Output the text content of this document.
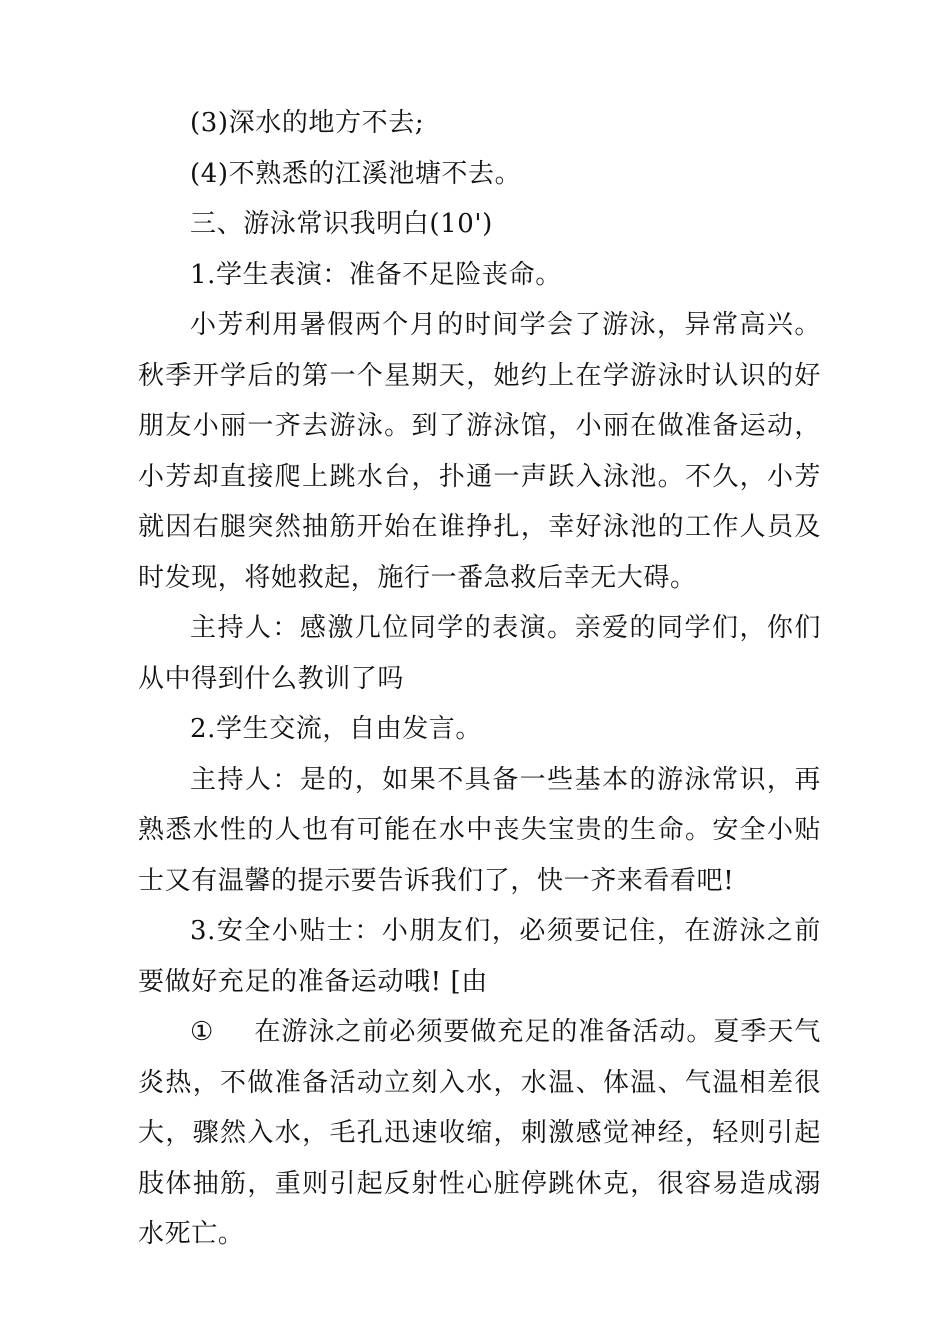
(3)深水的地方不去;

(4)不熟悉的江溪池塘不去。

三、游泳常识我明白(10')

1.学生表演：准备不足险丧命。

小芳利用暑假两个月的时间学会了游泳，异常高兴。秋季开学后的第一个星期天，她约上在学游泳时认识的好朋友小丽一齐去游泳。到了游泳馆，小丽在做准备运动，小芳却直接爬上跳水台，扑通一声跃入泳池。不久，小芳就因右腿突然抽筋开始在谁挣扎，幸好泳池的工作人员及时发现，将她救起，施行一番急救后幸无大碍。

主持人：感激几位同学的表演。亲爱的同学们，你们从中得到什么教训了吗

2.学生交流，自由发言。

主持人：是的，如果不具备一些基本的游泳常识，再熟悉水性的人也有可能在水中丧失宝贵的生命。安全小贴士又有温馨的提示要告诉我们了，快一齐来看看吧!

3.安全小贴士：小朋友们，必须要记住，在游泳之前要做好充足的准备运动哦! [由

① 在游泳之前必须要做充足的准备活动。夏季天气炎热，不做准备活动立刻入水，水温、体温、气温相差很大，骤然入水，毛孔迅速收缩，刺激感觉神经，轻则引起肢体抽筋，重则引起反射性心脏停跳休克，很容易造成溺水死亡。
